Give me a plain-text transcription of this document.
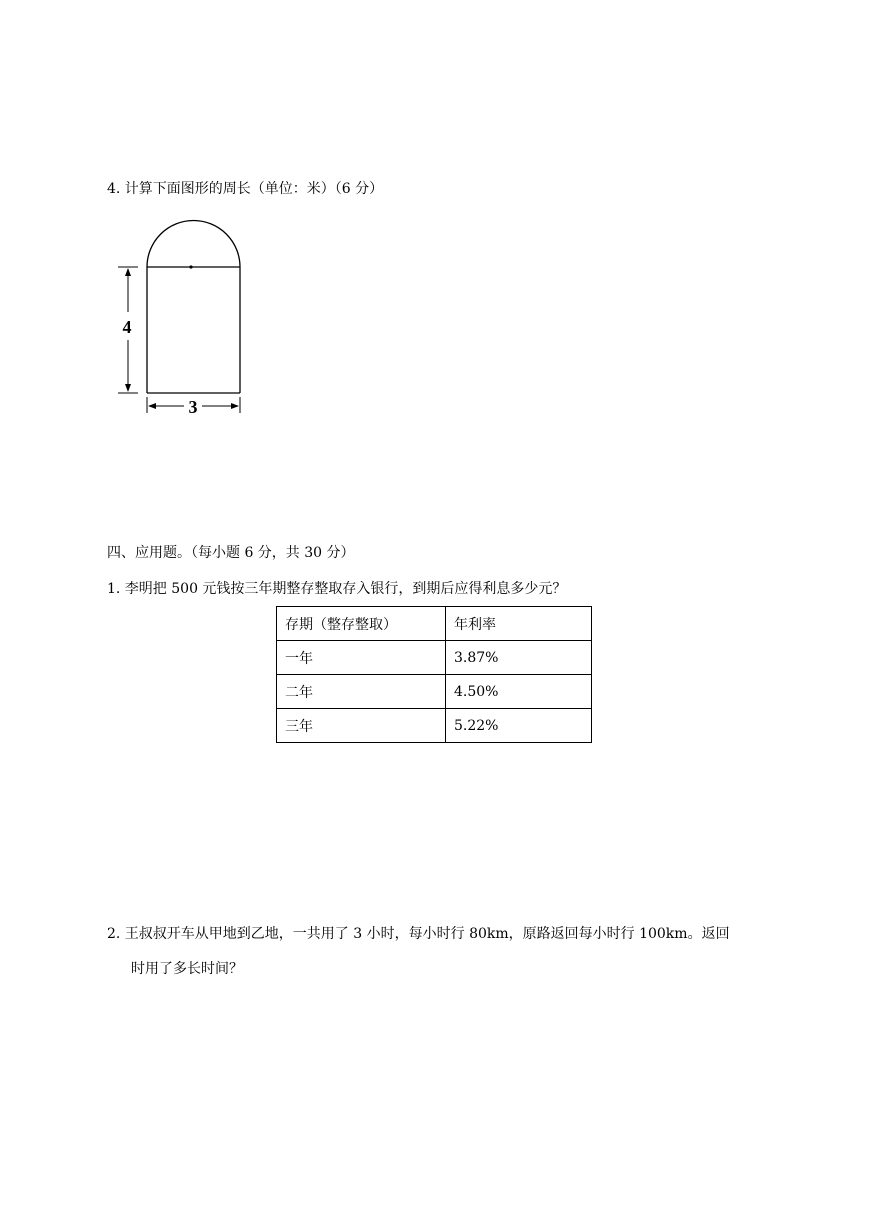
4. 计算下面图形的周长（单位：米）（6 分）
4
3
四、应用题。（每小题 6 分，共 30 分）
1. 李明把 500 元钱按三年期整存整取存入银行，到期后应得利息多少元？
存期（整存整取）	年利率
一年	3.87%
二年	4.50%
三年	5.22%
2. 王叔叔开车从甲地到乙地，一共用了 3 小时，每小时行 80km，原路返回每小时行 100km。返回
时用了多长时间？
